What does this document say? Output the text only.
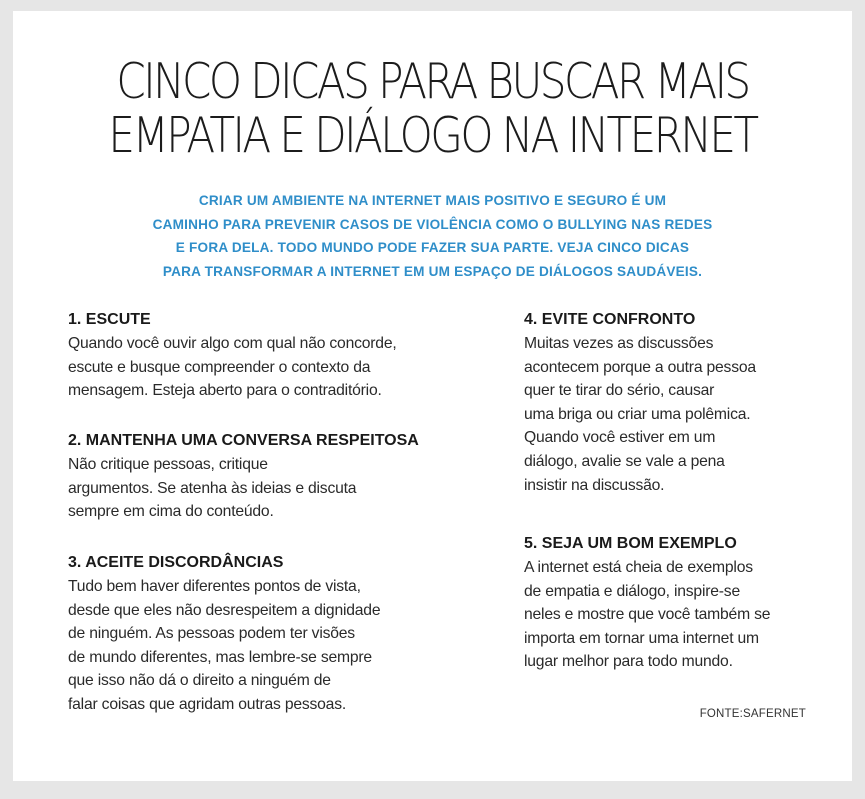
CINCO DICAS PARA BUSCAR MAIS
EMPATIA E DIÁLOGO NA INTERNET

CRIAR UM AMBIENTE NA INTERNET MAIS POSITIVO E SEGURO É UM
CAMINHO PARA PREVENIR CASOS DE VIOLÊNCIA COMO O BULLYING NAS REDES
E FORA DELA. TODO MUNDO PODE FAZER SUA PARTE. VEJA CINCO DICAS
PARA TRANSFORMAR A INTERNET EM UM ESPAÇO DE DIÁLOGOS SAUDÁVEIS.

1. ESCUTE

Quando você ouvir algo com qual não concorde,
escute e busque compreender o contexto da
mensagem. Esteja aberto para o contraditório.

2. MANTENHA UMA CONVERSA RESPEITOSA

Não critique pessoas, critique
argumentos. Se atenha às ideias e discuta
sempre em cima do conteúdo.

3. ACEITE DISCORDÂNCIAS

Tudo bem haver diferentes pontos de vista,
desde que eles não desrespeitem a dignidade
de ninguém. As pessoas podem ter visões
de mundo diferentes, mas lembre-se sempre
que isso não dá o direito a ninguém de
falar coisas que agridam outras pessoas.

4. EVITE CONFRONTO

Muitas vezes as discussões
acontecem porque a outra pessoa
quer te tirar do sério, causar
uma briga ou criar uma polêmica.
Quando você estiver em um
diálogo, avalie se vale a pena
insistir na discussão.

5. SEJA UM BOM EXEMPLO

A internet está cheia de exemplos
de empatia e diálogo, inspire-se
neles e mostre que você também se
importa em tornar uma internet um
lugar melhor para todo mundo.

FONTE:SAFERNET
